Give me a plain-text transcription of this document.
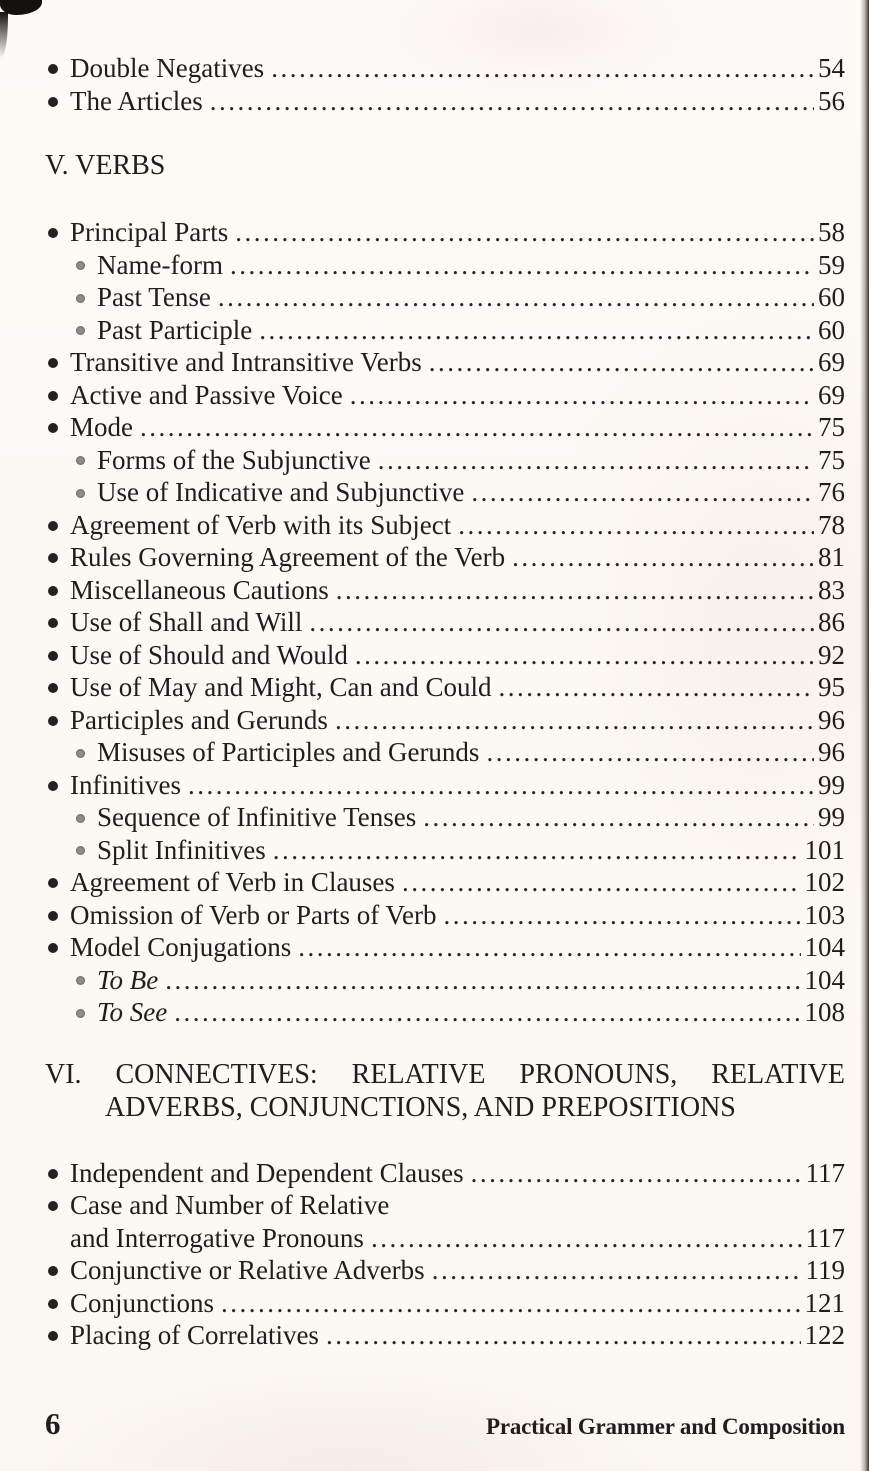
Double Negatives .....	54
The Articles .....	56
V. VERBS
Principal Parts .....	58
Name-form .....	59
Past Tense .....	60
Past Participle .....	60
Transitive and Intransitive Verbs .....	69
Active and Passive Voice .....	69
Mode .....	75
Forms of the Subjunctive .....	75
Use of Indicative and Subjunctive .....	76
Agreement of Verb with its Subject .....	78
Rules Governing Agreement of the Verb .....	81
Miscellaneous Cautions .....	83
Use of Shall and Will .....	86
Use of Should and Would .....	92
Use of May and Might, Can and Could .....	95
Participles and Gerunds .....	96
Misuses of Participles and Gerunds .....	96
Infinitives .....	99
Sequence of Infinitive Tenses .....	99
Split Infinitives .....	101
Agreement of Verb in Clauses .....	102
Omission of Verb or Parts of Verb .....	103
Model Conjugations .....	104
To Be .....	104
To See .....	108
VI. CONNECTIVES: RELATIVE PRONOUNS, RELATIVE
ADVERBS, CONJUNCTIONS, AND PREPOSITIONS
Independent and Dependent Clauses .....	117
Case and Number of Relative
and Interrogative Pronouns .....	117
Conjunctive or Relative Adverbs .....	119
Conjunctions .....	121
Placing of Correlatives .....	122
6	Practical Grammer and Composition
